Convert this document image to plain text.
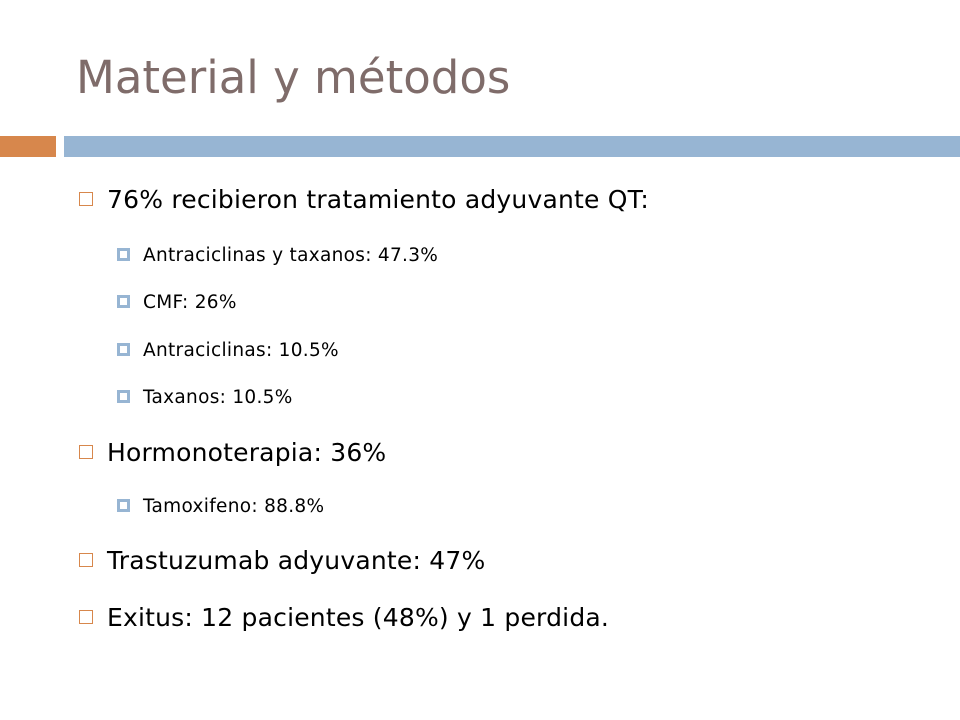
Material y métodos
76% recibieron tratamiento adyuvante QT:
Antraciclinas y taxanos: 47.3%
CMF: 26%
Antraciclinas: 10.5%
Taxanos: 10.5%
Hormonoterapia: 36%
Tamoxifeno: 88.8%
Trastuzumab adyuvante: 47%
Exitus: 12 pacientes (48%) y 1 perdida.
